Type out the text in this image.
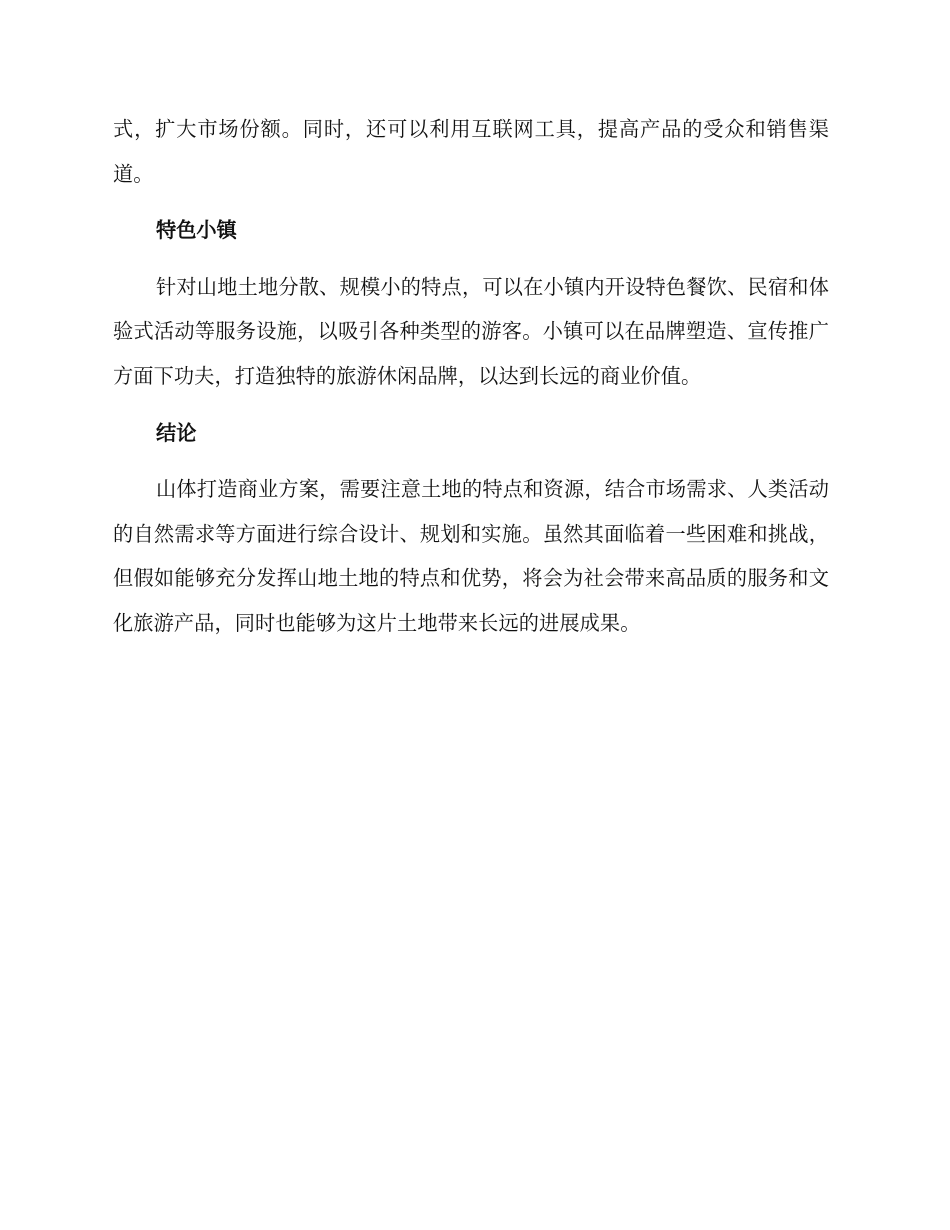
式，扩大市场份额。同时，还可以利用互联网工具，提高产品的受众和销售渠道。

特色小镇

针对山地土地分散、规模小的特点，可以在小镇内开设特色餐饮、民宿和体验式活动等服务设施，以吸引各种类型的游客。小镇可以在品牌塑造、宣传推广方面下功夫，打造独特的旅游休闲品牌，以达到长远的商业价值。

结论

山体打造商业方案，需要注意土地的特点和资源，结合市场需求、人类活动的自然需求等方面进行综合设计、规划和实施。虽然其面临着一些困难和挑战，但假如能够充分发挥山地土地的特点和优势，将会为社会带来高品质的服务和文化旅游产品，同时也能够为这片土地带来长远的进展成果。
